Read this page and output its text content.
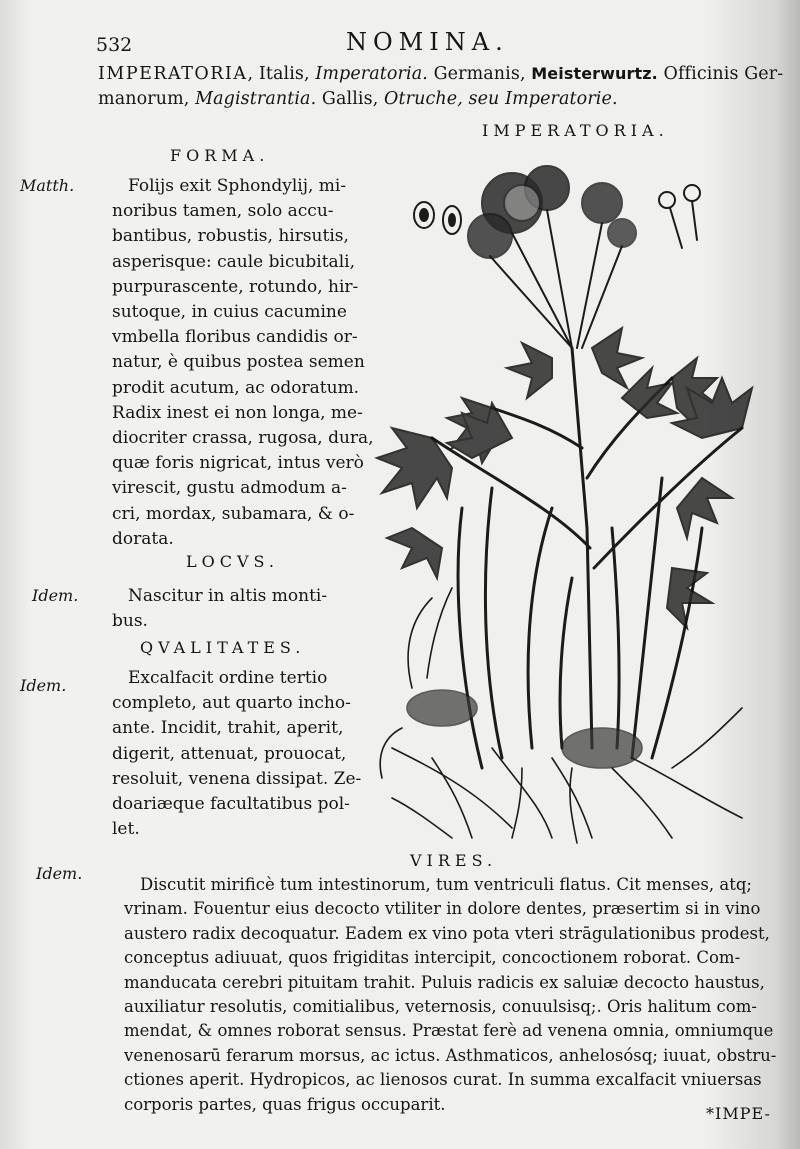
532	NOMINA.
IMPERATORIA, Italis, Imperatoria. Germanis, Meisterwurtz. Officinis Ger-
manorum, Magistrantia. Gallis, Otruche, seu Imperatorie.
IMPERATORIA.
Matth.
Idem.
Idem.
Idem.
FORMA.
Folijs exit Sphondylij, mi-
noribus tamen, solo accu-
bantibus, robustis, hirsutis,
asperisque: caule bicubitali,
purpurascente, rotundo, hir-
sutoque, in cuius cacumine
vmbella floribus candidis or-
natur, è quibus postea semen
prodit acutum, ac odoratum.
Radix inest ei non longa, me-
diocriter crassa, rugosa, dura,
quæ foris nigricat, intus verò
virescit, gustu admodum a-
cri, mordax, subamara, & o-
dorata.
LOCVS.
Nascitur in altis monti-
bus.
QVALITATES.
Excalfacit ordine tertio
completo, aut quarto incho-
ante. Incidit, trahit, aperit,
digerit, attenuat, prouocat,
resoluit, venena dissipat. Ze-
doariæque facultatibus pol-
let.
VIRES.
Discutit mirificè tum intestinorum, tum ventriculi flatus. Cit menses, atq;
vrinam. Fouentur eius decocto vtiliter in dolore dentes, præsertim si in vino
austero radix decoquatur. Eadem ex vino pota vteri strāgulationibus prodest,
conceptus adiuuat, quos frigiditas intercipit, concoctionem roborat. Com-
manducata cerebri pituitam trahit. Puluis radicis ex saluiæ decocto haustus,
auxiliatur resolutis, comitialibus, veternosis, conuulsisq;. Oris halitum com-
mendat, & omnes roborat sensus. Præstat ferè ad venena omnia, omniumque
venenosarū ferarum morsus, ac ictus. Asthmaticos, anhelosósq; iuuat, obstru-
ctiones aperit. Hydropicos, ac lienosos curat. In summa excalfacit vniuersas
corporis partes, quas frigus occuparit.	*IMPE-
